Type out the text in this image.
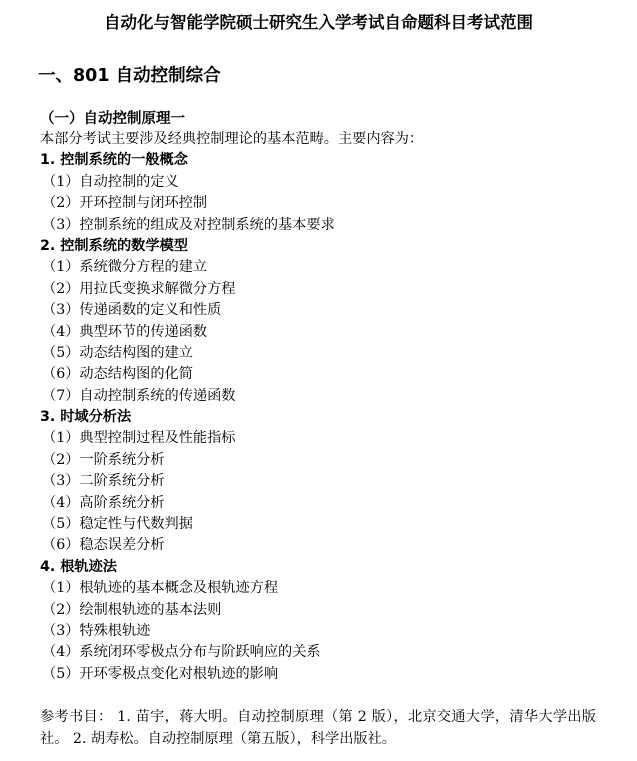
自动化与智能学院硕士研究生入学考试自命题科目考试范围
一、801 自动控制综合
（一）自动控制原理一
本部分考试主要涉及经典控制理论的基本范畴。主要内容为：
1. 控制系统的一般概念
（1）自动控制的定义
（2）开环控制与闭环控制
（3）控制系统的组成及对控制系统的基本要求
2. 控制系统的数学模型
（1）系统微分方程的建立
（2）用拉氏变换求解微分方程
（3）传递函数的定义和性质
（4）典型环节的传递函数
（5）动态结构图的建立
（6）动态结构图的化简
（7）自动控制系统的传递函数
3. 时域分析法
（1）典型控制过程及性能指标
（2）一阶系统分析
（3）二阶系统分析
（4）高阶系统分析
（5）稳定性与代数判据
（6）稳态误差分析
4. 根轨迹法
（1）根轨迹的基本概念及根轨迹方程
（2）绘制根轨迹的基本法则
（3）特殊根轨迹
（4）系统闭环零极点分布与阶跃响应的关系
（5）开环零极点变化对根轨迹的影响
参考书目： 1. 苗宇，蒋大明。自动控制原理（第 2 版），北京交通大学，清华大学出版社。 2. 胡寿松。自动控制原理（第五版），科学出版社。
